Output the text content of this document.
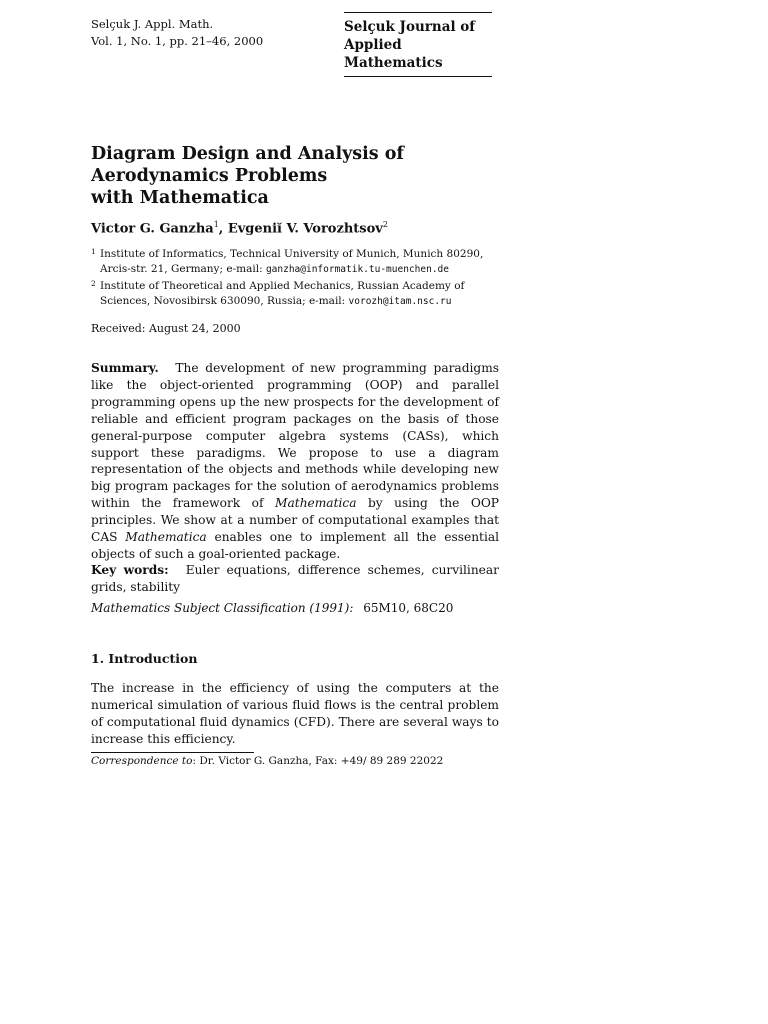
Selçuk J. Appl. Math.
Vol. 1, No. 1, pp. 21–46, 2000
Selçuk Journal of
Applied Mathematics
Diagram Design and Analysis of
Aerodynamics Problems
with Mathematica
Victor G. Ganzha$^1$, Evgeniĭ V. Vorozhtsov$^2$
1 Institute of Informatics, Technical University of Munich, Munich 80290, Arcis-str. 21, Germany; e-mail: ganzha@informatik.tu-muenchen.de
2 Institute of Theoretical and Applied Mechanics, Russian Academy of Sciences, Novosibirsk 630090, Russia; e-mail: vorozh@itam.nsc.ru
Received: August 24, 2000

Summary. The development of new programming paradigms like the object-oriented programming (OOP) and parallel programming opens up the new prospects for the development of reliable and efficient program packages on the basis of those general-purpose computer algebra systems (CASs), which support these paradigms. We propose to use a diagram representation of the objects and methods while developing new big program packages for the solution of aerodynamics problems within the framework of Mathematica by using the OOP principles. We show at a number of computational examples that CAS Mathematica enables one to implement all the essential objects of such a goal-oriented package.

Key words: Euler equations, difference schemes, curvilinear grids, stability

Mathematics Subject Classification (1991): 65M10, 68C20
1. Introduction

The increase in the efficiency of using the computers at the numerical simulation of various fluid flows is the central problem of computational fluid dynamics (CFD). There are several ways to increase this efficiency.

Correspondence to: Dr. Victor G. Ganzha, Fax: +49/ 89 289 22022
